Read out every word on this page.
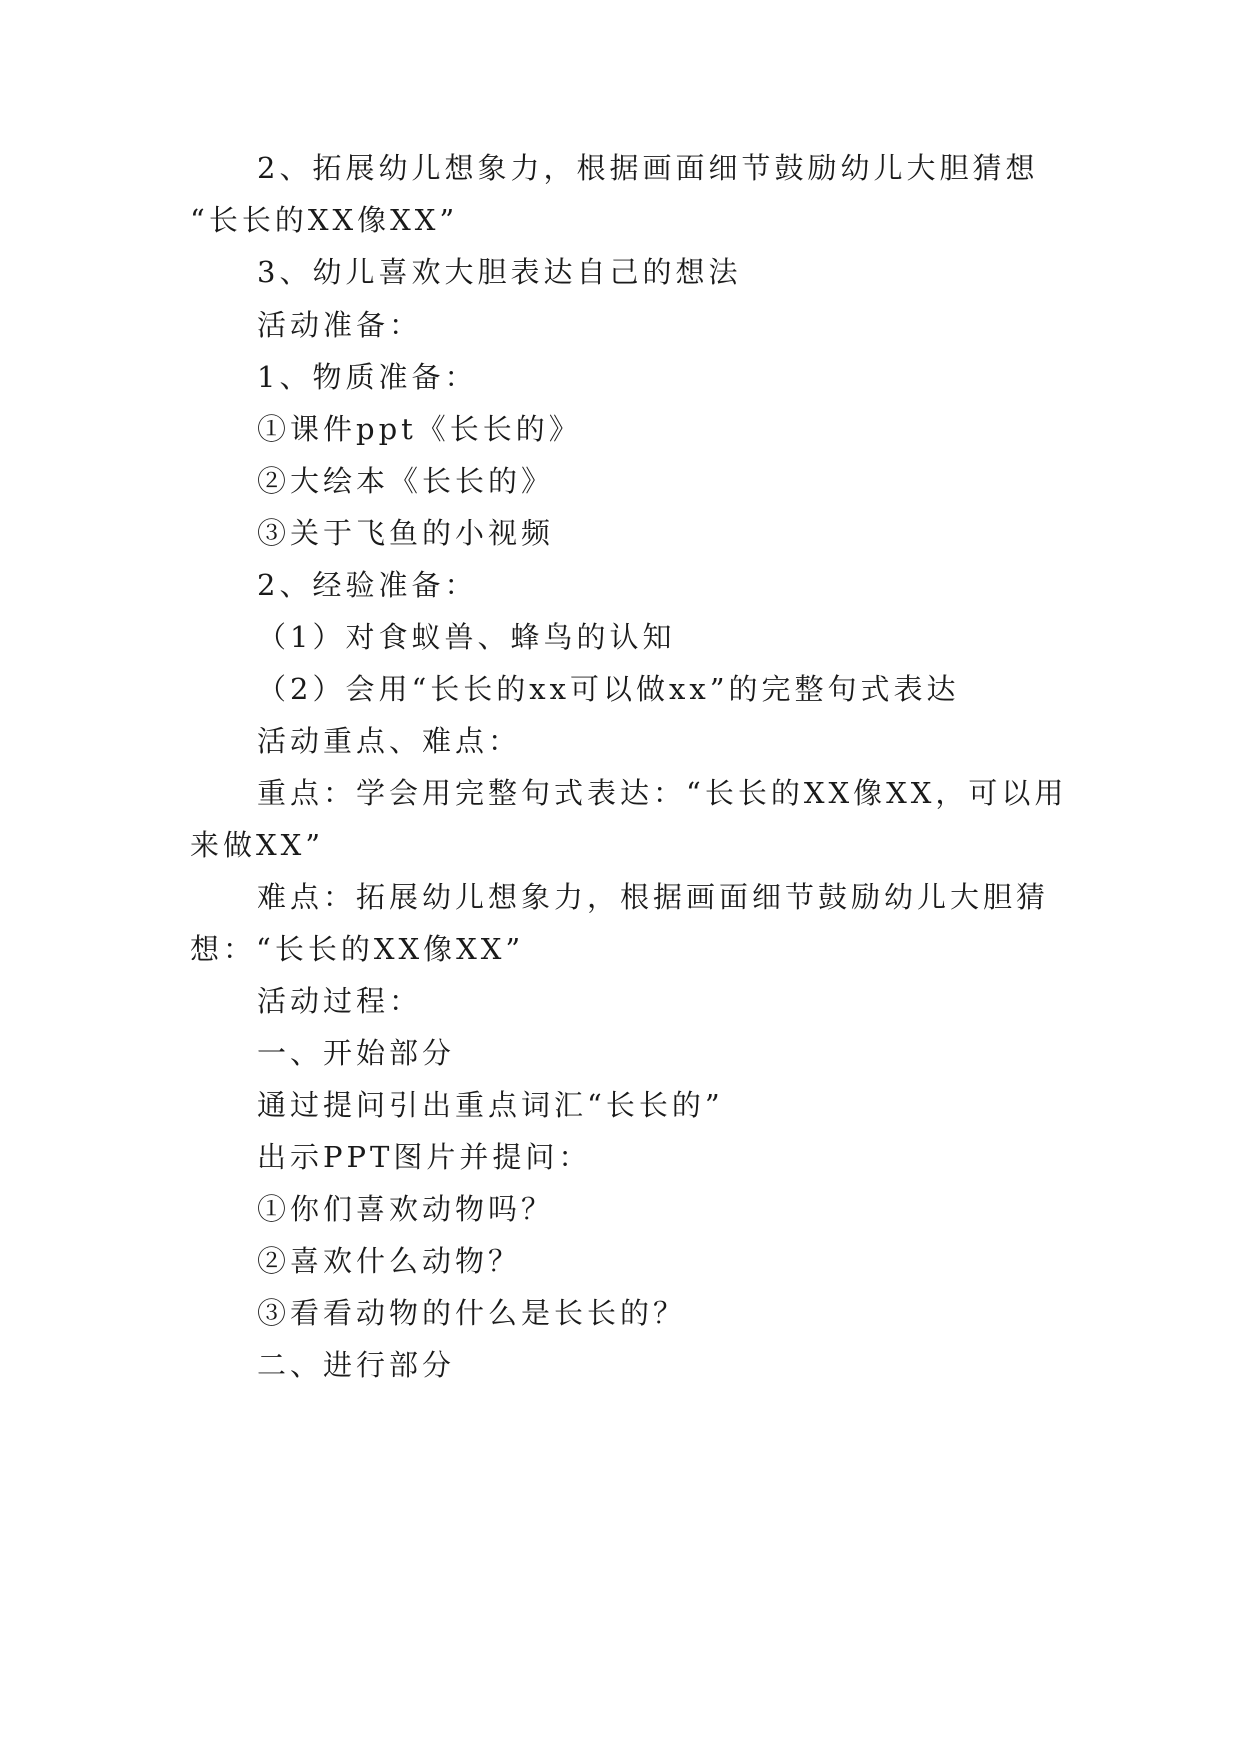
2、拓展幼儿想象力，根据画面细节鼓励幼儿大胆猜想
“长长的XX像XX”
3、幼儿喜欢大胆表达自己的想法
活动准备：
1、物质准备：
①课件ppt《长长的》
②大绘本《长长的》
③关于飞鱼的小视频
2、经验准备：
（1）对食蚁兽、蜂鸟的认知
（2）会用“长长的xx可以做xx”的完整句式表达
活动重点、难点：
重点：学会用完整句式表达：“长长的XX像XX，可以用
来做XX”
难点：拓展幼儿想象力，根据画面细节鼓励幼儿大胆猜
想：“长长的XX像XX”
活动过程：
一、开始部分
通过提问引出重点词汇“长长的”
出示PPT图片并提问：
①你们喜欢动物吗？
②喜欢什么动物？
③看看动物的什么是长长的？
二、进行部分
